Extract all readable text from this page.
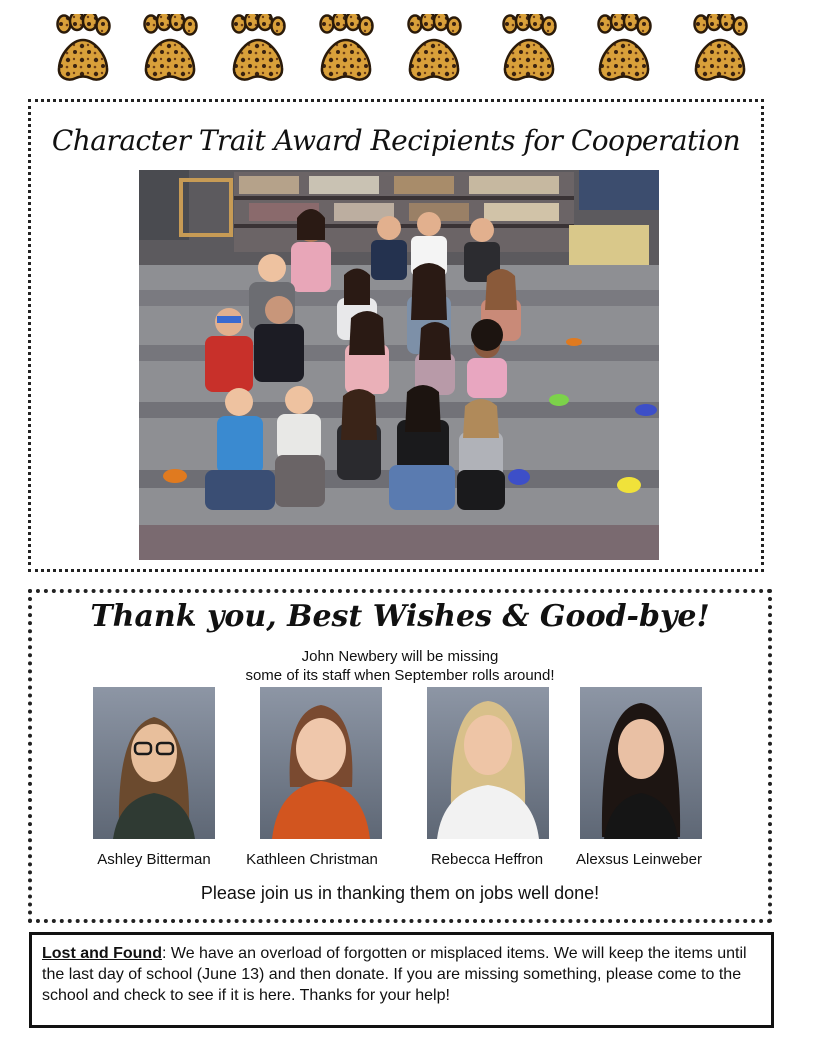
Character Trait Award Recipients for Cooperation
Thank you, Best Wishes & Good-bye!
John Newbery will be missing
some of its staff when September rolls around!
Ashley Bitterman	Kathleen Christman	Rebecca Heffron	Alexsus Leinweber
Please join us in thanking them on jobs well done!
Lost and Found: We have an overload of forgotten or misplaced items. We will keep the items until the last day of school (June 13) and then donate. If you are missing something, please come to the school and check to see if it is here. Thanks for your help!
